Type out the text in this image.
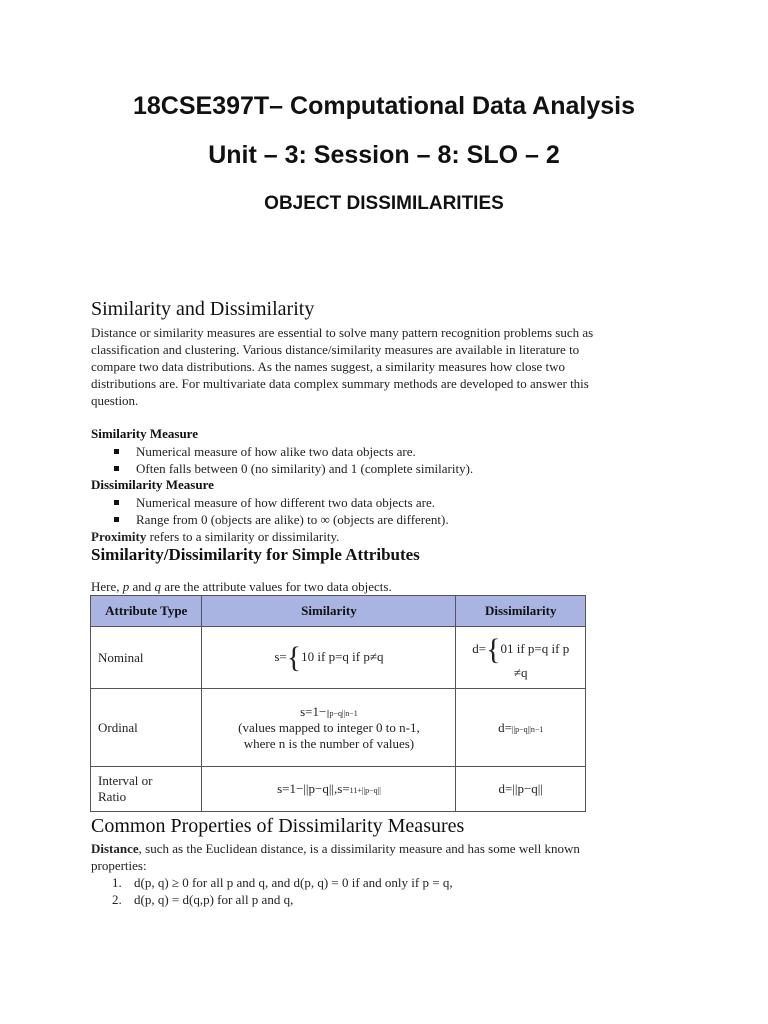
18CSE397T– Computational Data Analysis
Unit – 3: Session – 8: SLO – 2
OBJECT DISSIMILARITIES
Similarity and Dissimilarity
Distance or similarity measures are essential to solve many pattern recognition problems such as
classification and clustering. Various distance/similarity measures are available in literature to
compare two data distributions. As the names suggest, a similarity measures how close two
distributions are. For multivariate data complex summary methods are developed to answer this
question.
Similarity Measure
Numerical measure of how alike two data objects are.
Often falls between 0 (no similarity) and 1 (complete similarity).
Dissimilarity Measure
Numerical measure of how different two data objects are.
Range from 0 (objects are alike) to ∞ (objects are different).
Proximity refers to a similarity or dissimilarity.
Similarity/Dissimilarity for Simple Attributes
Here, p and q are the attribute values for two data objects.
Attribute Type	Similarity	Dissimilarity
Nominal	s={10 if p=q if p≠q	d={01 if p=q if p
≠q

Ordinal	s=1−||p−q||n−1
(values mapped to integer 0 to n-1,
where n is the number of values)	d=||p−q||n−1

Interval or
Ratio	s=1−||p−q||,s=11+||p−q||	d=||p−q||
Common Properties of Dissimilarity Measures
Distance, such as the Euclidean distance, is a dissimilarity measure and has some well known
properties:
1. d(p, q) ≥ 0 for all p and q, and d(p, q) = 0 if and only if p = q,
2. d(p, q) = d(q,p) for all p and q,
